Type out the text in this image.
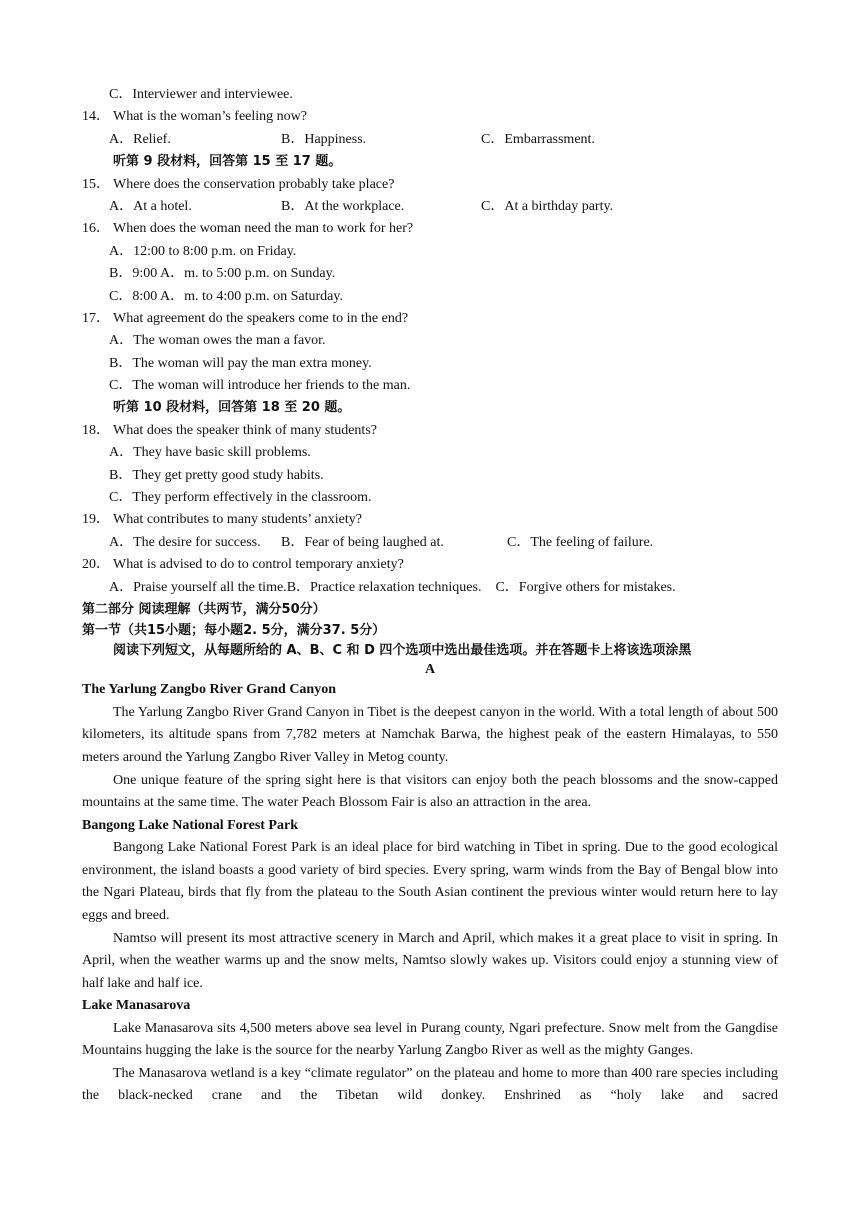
C．Interviewer and interviewee.
14． What is the woman’s feeling now?
A．Relief.	B．Happiness.	C．Embarrassment.
听第 9 段材料，回答第 15 至 17 题。
15． Where does the conservation probably take place?
A．At a hotel.	B．At the workplace.	C．At a birthday party.
16． When does the woman need the man to work for her?
A．12:00 to 8:00 p.m. on Friday.
B．9:00 A．m. to 5:00 p.m. on Sunday.
C．8:00 A．m. to 4:00 p.m. on Saturday.
17． What agreement do the speakers come to in the end?
A．The woman owes the man a favor.
B．The woman will pay the man extra money.
C．The woman will introduce her friends to the man.
听第 10 段材料，回答第 18 至 20 题。
18． What does the speaker think of many students?
A．They have basic skill problems.
B．They get pretty good study habits.
C．They perform effectively in the classroom.
19． What contributes to many students’ anxiety?
A．The desire for success.	B．Fear of being laughed at.	C．The feeling of failure.
20． What is advised to do to control temporary anxiety?
A．Praise yourself all the time.B．Practice relaxation techniques. C．Forgive others for mistakes.
第二部分 阅读理解（共两节，满分50分）
第一节（共15小题；每小题2. 5分，满分37. 5分）
阅读下列短文，从每题所给的 A、B、C 和 D 四个选项中选出最佳选项。并在答题卡上将该选项涂黑
A
The Yarlung Zangbo River Grand Canyon
The Yarlung Zangbo River Grand Canyon in Tibet is the deepest canyon in the world. With a total length of about 500 kilometers, its altitude spans from 7,782 meters at Namchak Barwa, the highest peak of the eastern Himalayas, to 550 meters around the Yarlung Zangbo River Valley in Metog county.
One unique feature of the spring sight here is that visitors can enjoy both the peach blossoms and the snow-capped mountains at the same time. The water Peach Blossom Fair is also an attraction in the area.
Bangong Lake National Forest Park
Bangong Lake National Forest Park is an ideal place for bird watching in Tibet in spring. Due to the good ecological environment, the island boasts a good variety of bird species. Every spring, warm winds from the Bay of Bengal blow into the Ngari Plateau, birds that fly from the plateau to the South Asian continent the previous winter would return here to lay eggs and breed.
Namtso will present its most attractive scenery in March and April, which makes it a great place to visit in spring. In April, when the weather warms up and the snow melts, Namtso slowly wakes up. Visitors could enjoy a stunning view of half lake and half ice.
Lake Manasarova
Lake Manasarova sits 4,500 meters above sea level in Purang county, Ngari prefecture. Snow melt from the Gangdise Mountains hugging the lake is the source for the nearby Yarlung Zangbo River as well as the mighty Ganges.
The Manasarova wetland is a key “climate regulator” on the plateau and home to more than 400 rare species including the black-necked crane and the Tibetan wild donkey. Enshrined as “holy lake and sacred
